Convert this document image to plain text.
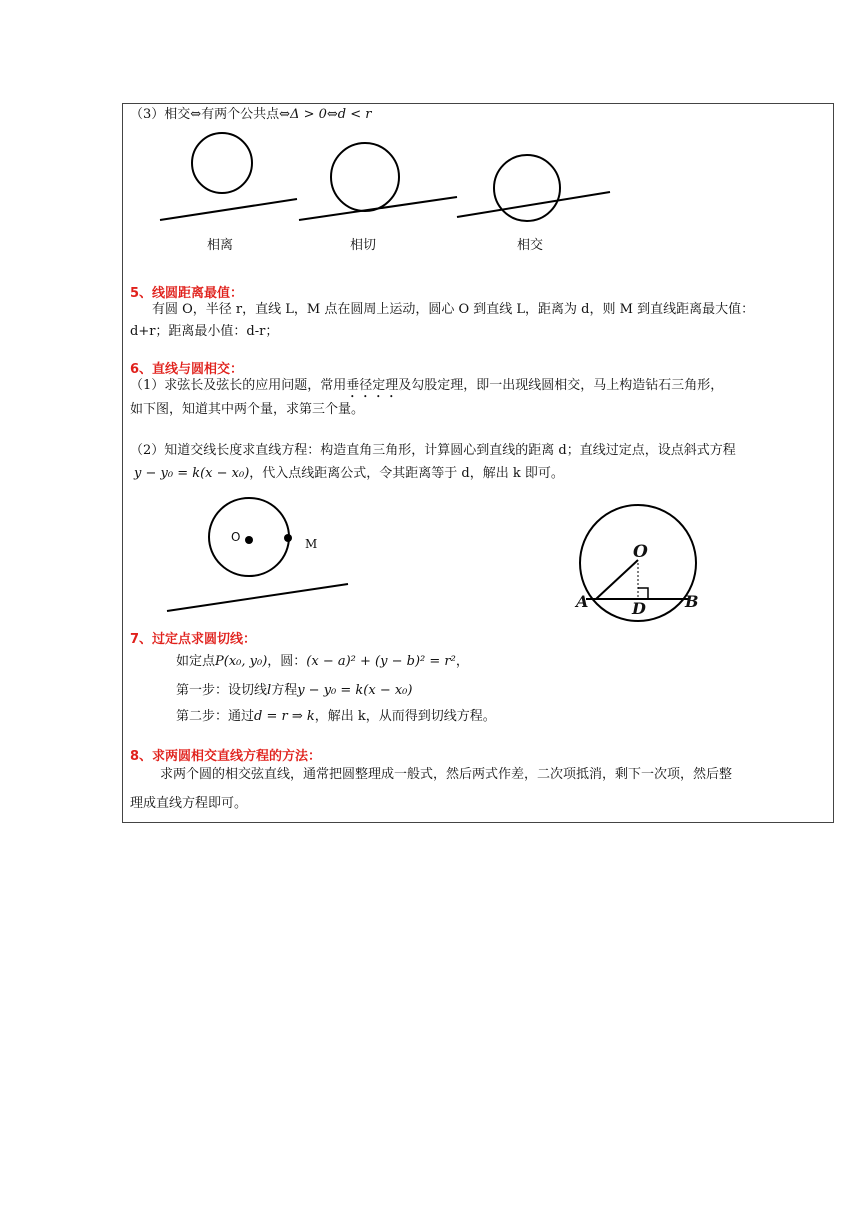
（3）相交⇔有两个公共点⇔Δ > 0⇔d < r
相离	相切	相交
5、线圆距离最值：
有圆 O，半径 r，直线 L，M 点在圆周上运动，圆心 O 到直线 L，距离为 d，则 M 到直线距离最大值：
d+r；距离最小值：d-r；
6、直线与圆相交：
（1）求弦长及弦长的应用问题，常用垂径定理及勾股定理，即一出现线圆相交，马上构造钻石三角形，
如下图，知道其中两个量，求第三个量。
（2）知道交线长度求直线方程：构造直角三角形，计算圆心到直线的距离 d；直线过定点，设点斜式方程
y − y₀ = k(x − x₀)，代入点线距离公式，令其距离等于 d，解出 k 即可。
O	M	O
A	D B
7、过定点求圆切线：
如定点P(x₀, y₀)，圆：(x − a)² + (y − b)² = r²，
第一步：设切线l方程y − y₀ = k(x − x₀)
第二步：通过d = r ⇒ k，解出 k，从而得到切线方程。
8、求两圆相交直线方程的方法：
求两个圆的相交弦直线，通常把圆整理成一般式，然后两式作差，二次项抵消，剩下一次项，然后整
理成直线方程即可。
